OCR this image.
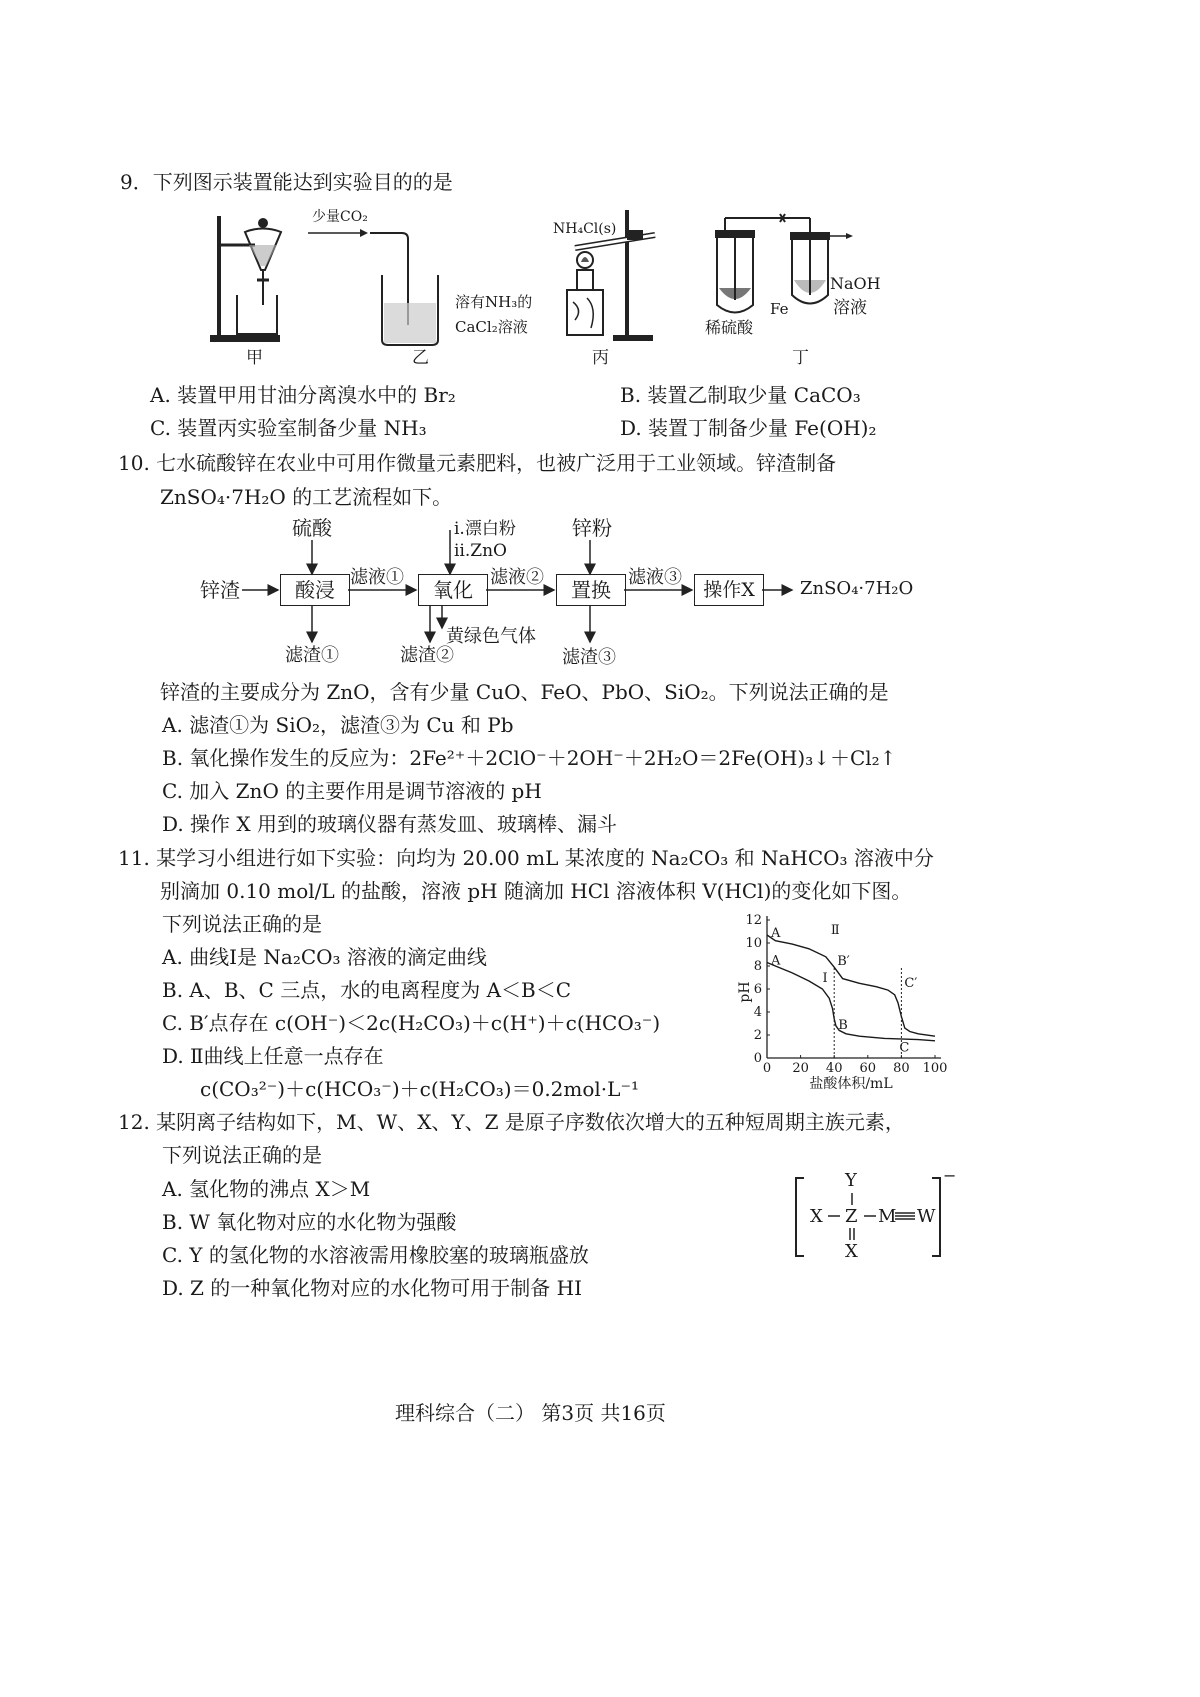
9．下列图示装置能达到实验目的的是
甲
少量CO₂
溶有NH₃的
CaCl₂溶液
乙
NH₄Cl(s)
丙
NaOH
溶液
Fe
稀硫酸
丁
A. 装置甲用甘油分离溴水中的 Br₂	B. 装置乙制取少量 CaCO₃
C. 装置丙实验室制备少量 NH₃	D. 装置丁制备少量 Fe(OH)₂
10. 七水硫酸锌在农业中可用作微量元素肥料，也被广泛用于工业领域。锌渣制备
ZnSO₄·7H₂O 的工艺流程如下。
锌渣
硫酸	ⅰ.漂白粉
ⅱ.ZnO
锌粉
酸浸	氧化	置换	操作X
滤液①	滤液②	滤液③
ZnSO₄·7H₂O
滤渣①	滤渣②
黄绿色气体
滤渣③
锌渣的主要成分为 ZnO，含有少量 CuO、FeO、PbO、SiO₂。下列说法正确的是
A. 滤渣①为 SiO₂，滤渣③为 Cu 和 Pb
B. 氧化操作发生的反应为：2Fe²⁺＋2ClO⁻＋2OH⁻＋2H₂O＝2Fe(OH)₃↓＋Cl₂↑
C. 加入 ZnO 的主要作用是调节溶液的 pH
D. 操作 X 用到的玻璃仪器有蒸发皿、玻璃棒、漏斗
11. 某学习小组进行如下实验：向均为 20.00 mL 某浓度的 Na₂CO₃ 和 NaHCO₃ 溶液中分
别滴加 0.10 mol/L 的盐酸，溶液 pH 随滴加 HCl 溶液体积 V(HCl)的变化如下图。
下列说法正确的是
A. 曲线Ⅰ是 Na₂CO₃ 溶液的滴定曲线
B. A、B、C 三点，水的电离程度为 A＜B＜C
C. B′点存在 c(OH⁻)＜2c(H₂CO₃)＋c(H⁺)＋c(HCO₃⁻)
D. Ⅱ曲线上任意一点存在
c(CO₃²⁻)＋c(HCO₃⁻)＋c(H₂CO₃)＝0.2mol·L⁻¹
0 20 40 60 80 100
0
2
4
6
8
10
12
pH
盐酸体积/mL
Ⅰ
Ⅱ
A
A	B′
B
C′
C
12. 某阴离子结构如下，M、W、X、Y、Z 是原子序数依次增大的五种短周期主族元素，
下列说法正确的是
A. 氢化物的沸点 X＞M
B. W 氧化物对应的水化物为强酸
C. Y 的氢化物的水溶液需用橡胶塞的玻璃瓶盛放
D. Z 的一种氧化物对应的水化物可用于制备 HI
Y
X Z M W
X
−
理科综合（二） 第3页 共16页
